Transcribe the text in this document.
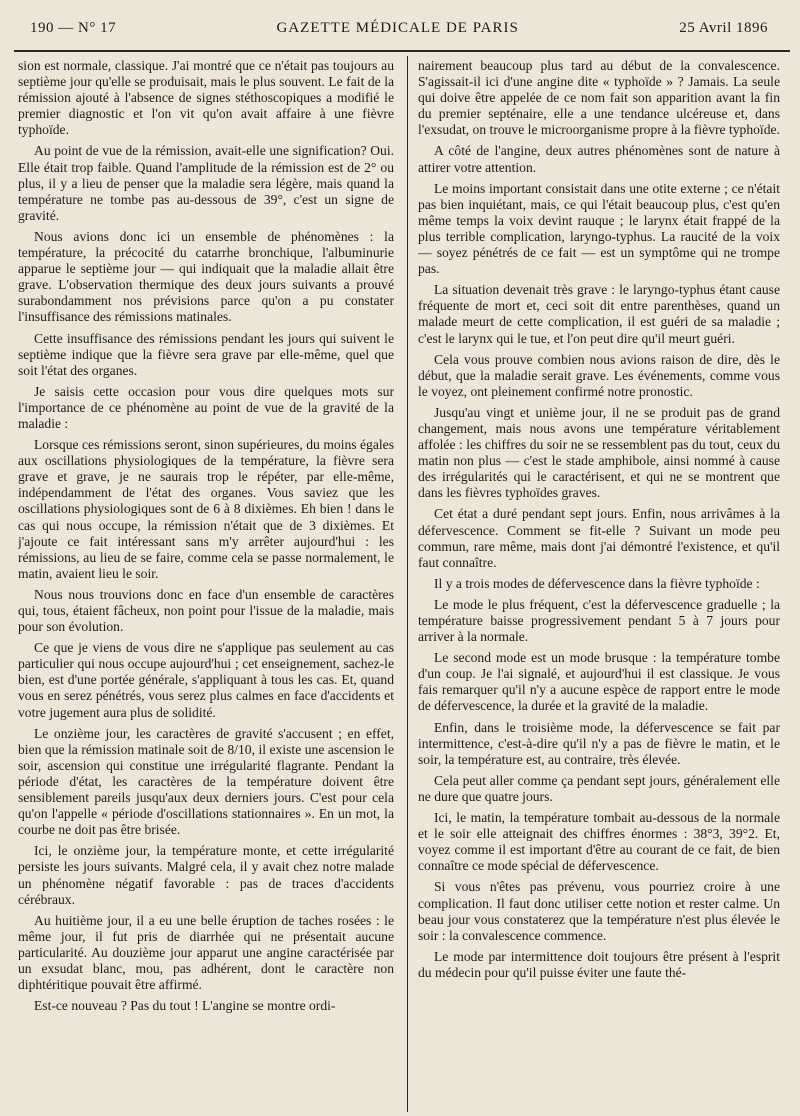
190 — N° 17	GAZETTE MÉDICALE DE PARIS	25 Avril 1896

sion est normale, classique. J'ai montré que ce n'était pas toujours au septième jour qu'elle se produisait, mais le plus souvent. Le fait de la rémission ajouté à l'absence de signes stéthoscopiques a modifié le premier diagnostic et l'on vit qu'on avait affaire à une fièvre typhoïde.

Au point de vue de la rémission, avait-elle une signification? Oui. Elle était trop faible. Quand l'amplitude de la rémission est de 2° ou plus, il y a lieu de penser que la maladie sera légère, mais quand la température ne tombe pas au-dessous de 39°, c'est un signe de gravité.

Nous avions donc ici un ensemble de phénomènes : la température, la précocité du catarrhe bronchique, l'albuminurie apparue le septième jour — qui indiquait que la maladie allait être grave. L'observation thermique des deux jours suivants a prouvé surabondamment nos prévisions parce qu'on a pu constater l'insuffisance des rémissions matinales.

Cette insuffisance des rémissions pendant les jours qui suivent le septième indique que la fièvre sera grave par elle-même, quel que soit l'état des organes.

Je saisis cette occasion pour vous dire quelques mots sur l'importance de ce phénomène au point de vue de la gravité de la maladie :

Lorsque ces rémissions seront, sinon supérieures, du moins égales aux oscillations physiologiques de la température, la fièvre sera grave et grave, je ne saurais trop le répéter, par elle-même, indépendamment de l'état des organes. Vous saviez que les oscillations physiologiques sont de 6 à 8 dixièmes. Eh bien ! dans le cas qui nous occupe, la rémission n'était que de 3 dixièmes. Et j'ajoute ce fait intéressant sans m'y arrêter aujourd'hui : les rémissions, au lieu de se faire, comme cela se passe normalement, le matin, avaient lieu le soir.

Nous nous trouvions donc en face d'un ensemble de caractères qui, tous, étaient fâcheux, non point pour l'issue de la maladie, mais pour son évolution.

Ce que je viens de vous dire ne s'applique pas seulement au cas particulier qui nous occupe aujourd'hui ; cet enseignement, sachez-le bien, est d'une portée générale, s'appliquant à tous les cas. Et, quand vous en serez pénétrés, vous serez plus calmes en face d'accidents et votre jugement aura plus de solidité.

Le onzième jour, les caractères de gravité s'accusent ; en effet, bien que la rémission matinale soit de 8/10, il existe une ascension le soir, ascension qui constitue une irrégularité flagrante. Pendant la période d'état, les caractères de la température doivent être sensiblement pareils jusqu'aux deux derniers jours. C'est pour cela qu'on l'appelle « période d'oscillations stationnaires ». En un mot, la courbe ne doit pas être brisée.

Ici, le onzième jour, la température monte, et cette irrégularité persiste les jours suivants. Malgré cela, il y avait chez notre malade un phénomène négatif favorable : pas de traces d'accidents cérébraux.

Au huitième jour, il a eu une belle éruption de taches rosées : le même jour, il fut pris de diarrhée qui ne présentait aucune particularité. Au douzième jour apparut une angine caractérisée par un exsudat blanc, mou, pas adhérent, dont le caractère non diphtéritique pouvait être affirmé.

Est-ce nouveau ? Pas du tout ! L'angine se montre ordi-

nairement beaucoup plus tard au début de la convalescence. S'agissait-il ici d'une angine dite « typhoïde » ? Jamais. La seule qui doive être appelée de ce nom fait son apparition avant la fin du premier septénaire, elle a une tendance ulcéreuse et, dans l'exsudat, on trouve le microorganisme propre à la fièvre typhoïde.

A côté de l'angine, deux autres phénomènes sont de nature à attirer votre attention.

Le moins important consistait dans une otite externe ; ce n'était pas bien inquiétant, mais, ce qui l'était beaucoup plus, c'est qu'en même temps la voix devint rauque ; le larynx était frappé de la plus terrible complication, laryngo-typhus. La raucité de la voix — soyez pénétrés de ce fait — est un symptôme qui ne trompe pas.

La situation devenait très grave : le laryngo-typhus étant cause fréquente de mort et, ceci soit dit entre parenthèses, quand un malade meurt de cette complication, il est guéri de sa maladie ; c'est le larynx qui le tue, et l'on peut dire qu'il meurt guéri.

Cela vous prouve combien nous avions raison de dire, dès le début, que la maladie serait grave. Les événements, comme vous le voyez, ont pleinement confirmé notre pronostic.

Jusqu'au vingt et unième jour, il ne se produit pas de grand changement, mais nous avons une température véritablement affolée : les chiffres du soir ne se ressemblent pas du tout, ceux du matin non plus — c'est le stade amphibole, ainsi nommé à cause des irrégularités qui le caractérisent, et qui ne se montrent que dans les fièvres typhoïdes graves.

Cet état a duré pendant sept jours. Enfin, nous arrivâmes à la défervescence. Comment se fit-elle ? Suivant un mode peu commun, rare même, mais dont j'ai démontré l'existence, et qu'il faut connaître.

Il y a trois modes de défervescence dans la fièvre typhoïde :

Le mode le plus fréquent, c'est la défervescence graduelle ; la température baisse progressivement pendant 5 à 7 jours pour arriver à la normale.

Le second mode est un mode brusque : la température tombe d'un coup. Je l'ai signalé, et aujourd'hui il est classique. Je vous fais remarquer qu'il n'y a aucune espèce de rapport entre le mode de défervescence, la durée et la gravité de la maladie.

Enfin, dans le troisième mode, la défervescence se fait par intermittence, c'est-à-dire qu'il n'y a pas de fièvre le matin, et le soir, la température est, au contraire, très élevée.

Cela peut aller comme ça pendant sept jours, généralement elle ne dure que quatre jours.

Ici, le matin, la température tombait au-dessous de la normale et le soir elle atteignait des chiffres énormes : 38°3, 39°2. Et, voyez comme il est important d'être au courant de ce fait, de bien connaître ce mode spécial de défervescence.

Si vous n'êtes pas prévenu, vous pourriez croire à une complication. Il faut donc utiliser cette notion et rester calme. Un beau jour vous constaterez que la température n'est plus élevée le soir : la convalescence commence.

Le mode par intermittence doit toujours être présent à l'esprit du médecin pour qu'il puisse éviter une faute thé-
